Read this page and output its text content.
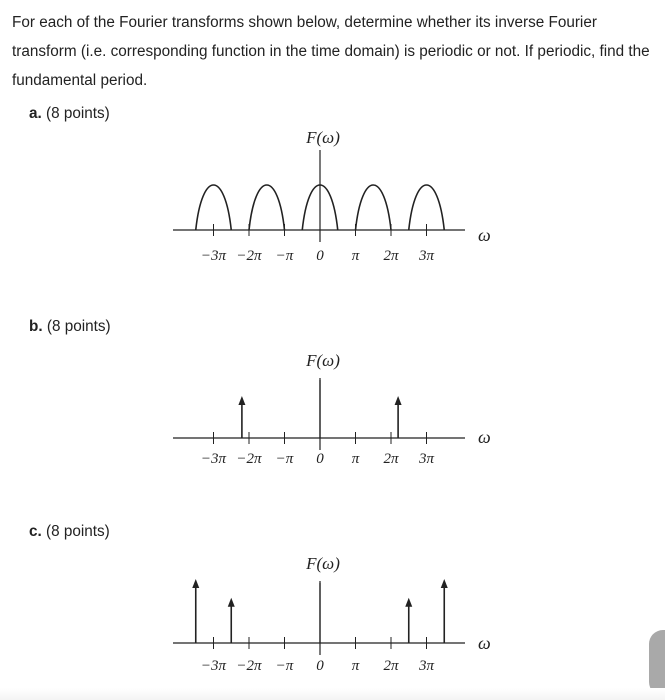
For each of the Fourier transforms shown below, determine whether its inverse Fourier transform (i.e. corresponding function in the time domain) is periodic or not. If periodic, find the fundamental period.

a. (8 points)
F(ω)
ω
−3π −2π −π 0 π 2π 3π
b. (8 points)
F(ω)
ω
−3π −2π −π 0 π 2π 3π
c. (8 points)
F(ω)
ω
−3π −2π −π 0 π 2π 3π
